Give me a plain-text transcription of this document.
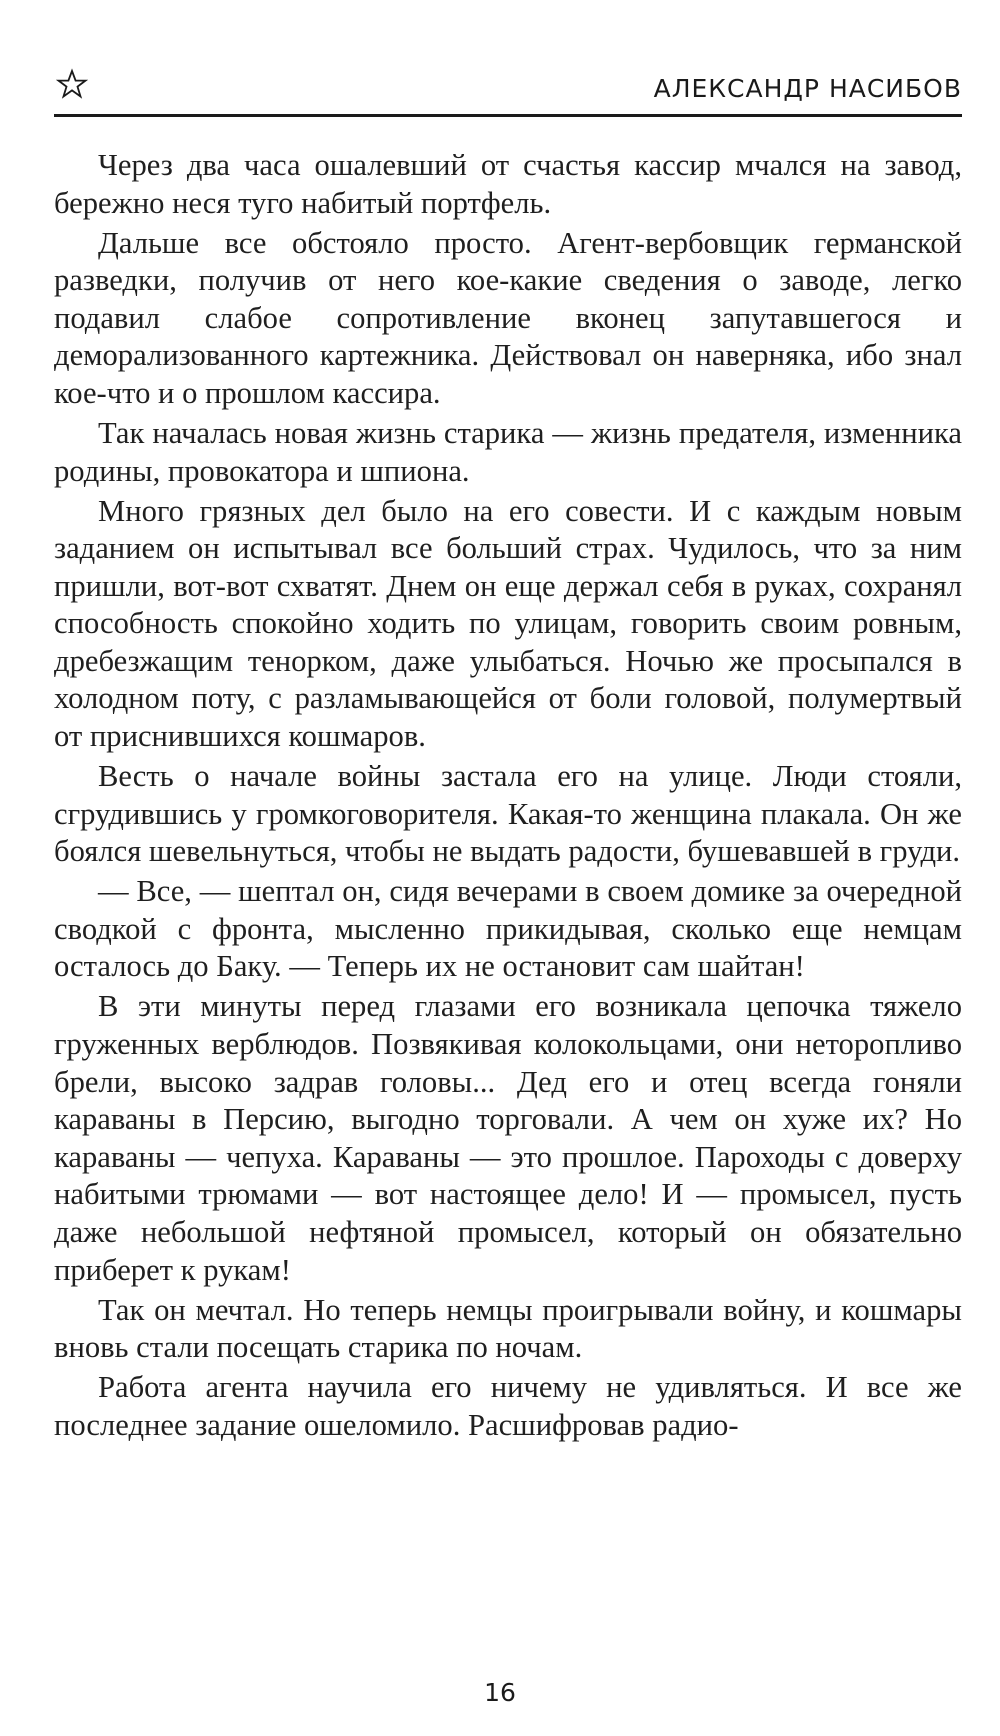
АЛЕКСАНДР НАСИБОВ

Через два часа ошалевший от счастья кассир мчался на завод, бережно неся туго набитый портфель.

Дальше все обстояло просто. Агент-вербовщик германской разведки, получив от него кое-какие сведения о заводе, легко подавил слабое сопротивление вконец запутавшегося и деморализованного картежника. Действовал он наверняка, ибо знал кое-что и о прошлом кассира.

Так началась новая жизнь старика — жизнь предателя, изменника родины, провокатора и шпиона.

Много грязных дел было на его совести. И с каждым новым заданием он испытывал все больший страх. Чудилось, что за ним пришли, вот-вот схватят. Днем он еще держал себя в руках, сохранял способность спокойно ходить по улицам, говорить своим ровным, дребезжащим тенорком, даже улыбаться. Ночью же просыпался в холодном поту, с разламывающейся от боли головой, полумертвый от приснившихся кошмаров.

Весть о начале войны застала его на улице. Люди стояли, сгрудившись у громкоговорителя. Какая-то женщина плакала. Он же боялся шевельнуться, чтобы не выдать радости, бушевавшей в груди.

— Все, — шептал он, сидя вечерами в своем домике за очередной сводкой с фронта, мысленно прикидывая, сколько еще немцам осталось до Баку. — Теперь их не остановит сам шайтан!

В эти минуты перед глазами его возникала цепочка тяжело груженных верблюдов. Позвякивая колокольцами, они неторопливо брели, высоко задрав головы... Дед его и отец всегда гоняли караваны в Персию, выгодно торговали. А чем он хуже их? Но караваны — чепуха. Караваны — это прошлое. Пароходы с доверху набитыми трюмами — вот настоящее дело! И — промысел, пусть даже небольшой нефтяной промысел, который он обязательно приберет к рукам!

Так он мечтал. Но теперь немцы проигрывали войну, и кошмары вновь стали посещать старика по ночам.

Работа агента научила его ничему не удивляться. И все же последнее задание ошеломило. Расшифровав радио-

16
